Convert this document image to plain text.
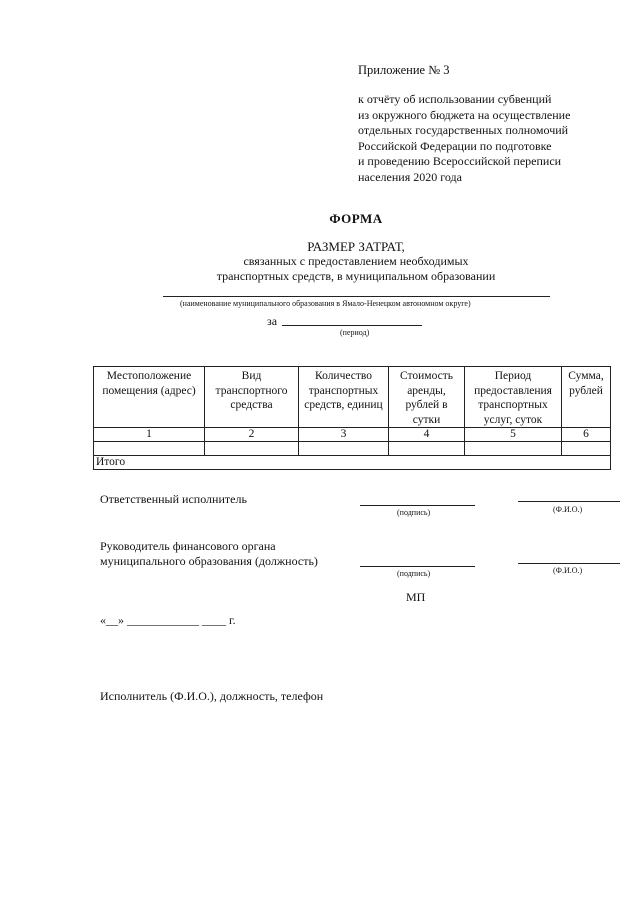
Приложение № 3
к отчёту об использовании субвенций
из окружного бюджета на осуществление
отдельных государственных полномочий
Российской Федерации по подготовке
и проведению Всероссийской переписи
населения 2020 года
ФОРМА
РАЗМЕР ЗАТРАТ,
связанных с предоставлением необходимых
транспортных средств, в муниципальном образовании
(наименование муниципального образования в Ямало-Ненецком автономном округе)
за
(период)
Местоположение помещения (адрес)	Вид транспортного средства	Количество транспортных средств, единиц	Стоимость аренды, рублей в сутки	Период предоставления транспортных услуг, суток	Сумма, рублей

1	2	3	4	5	6

Итого					
Ответственный исполнитель
(подпись)	(Ф.И.О.)
Руководитель финансового органа
муниципального образования (должность)
(подпись)	(Ф.И.О.)
МП
«__» ____________ ____ г.
Исполнитель (Ф.И.О.), должность, телефон
